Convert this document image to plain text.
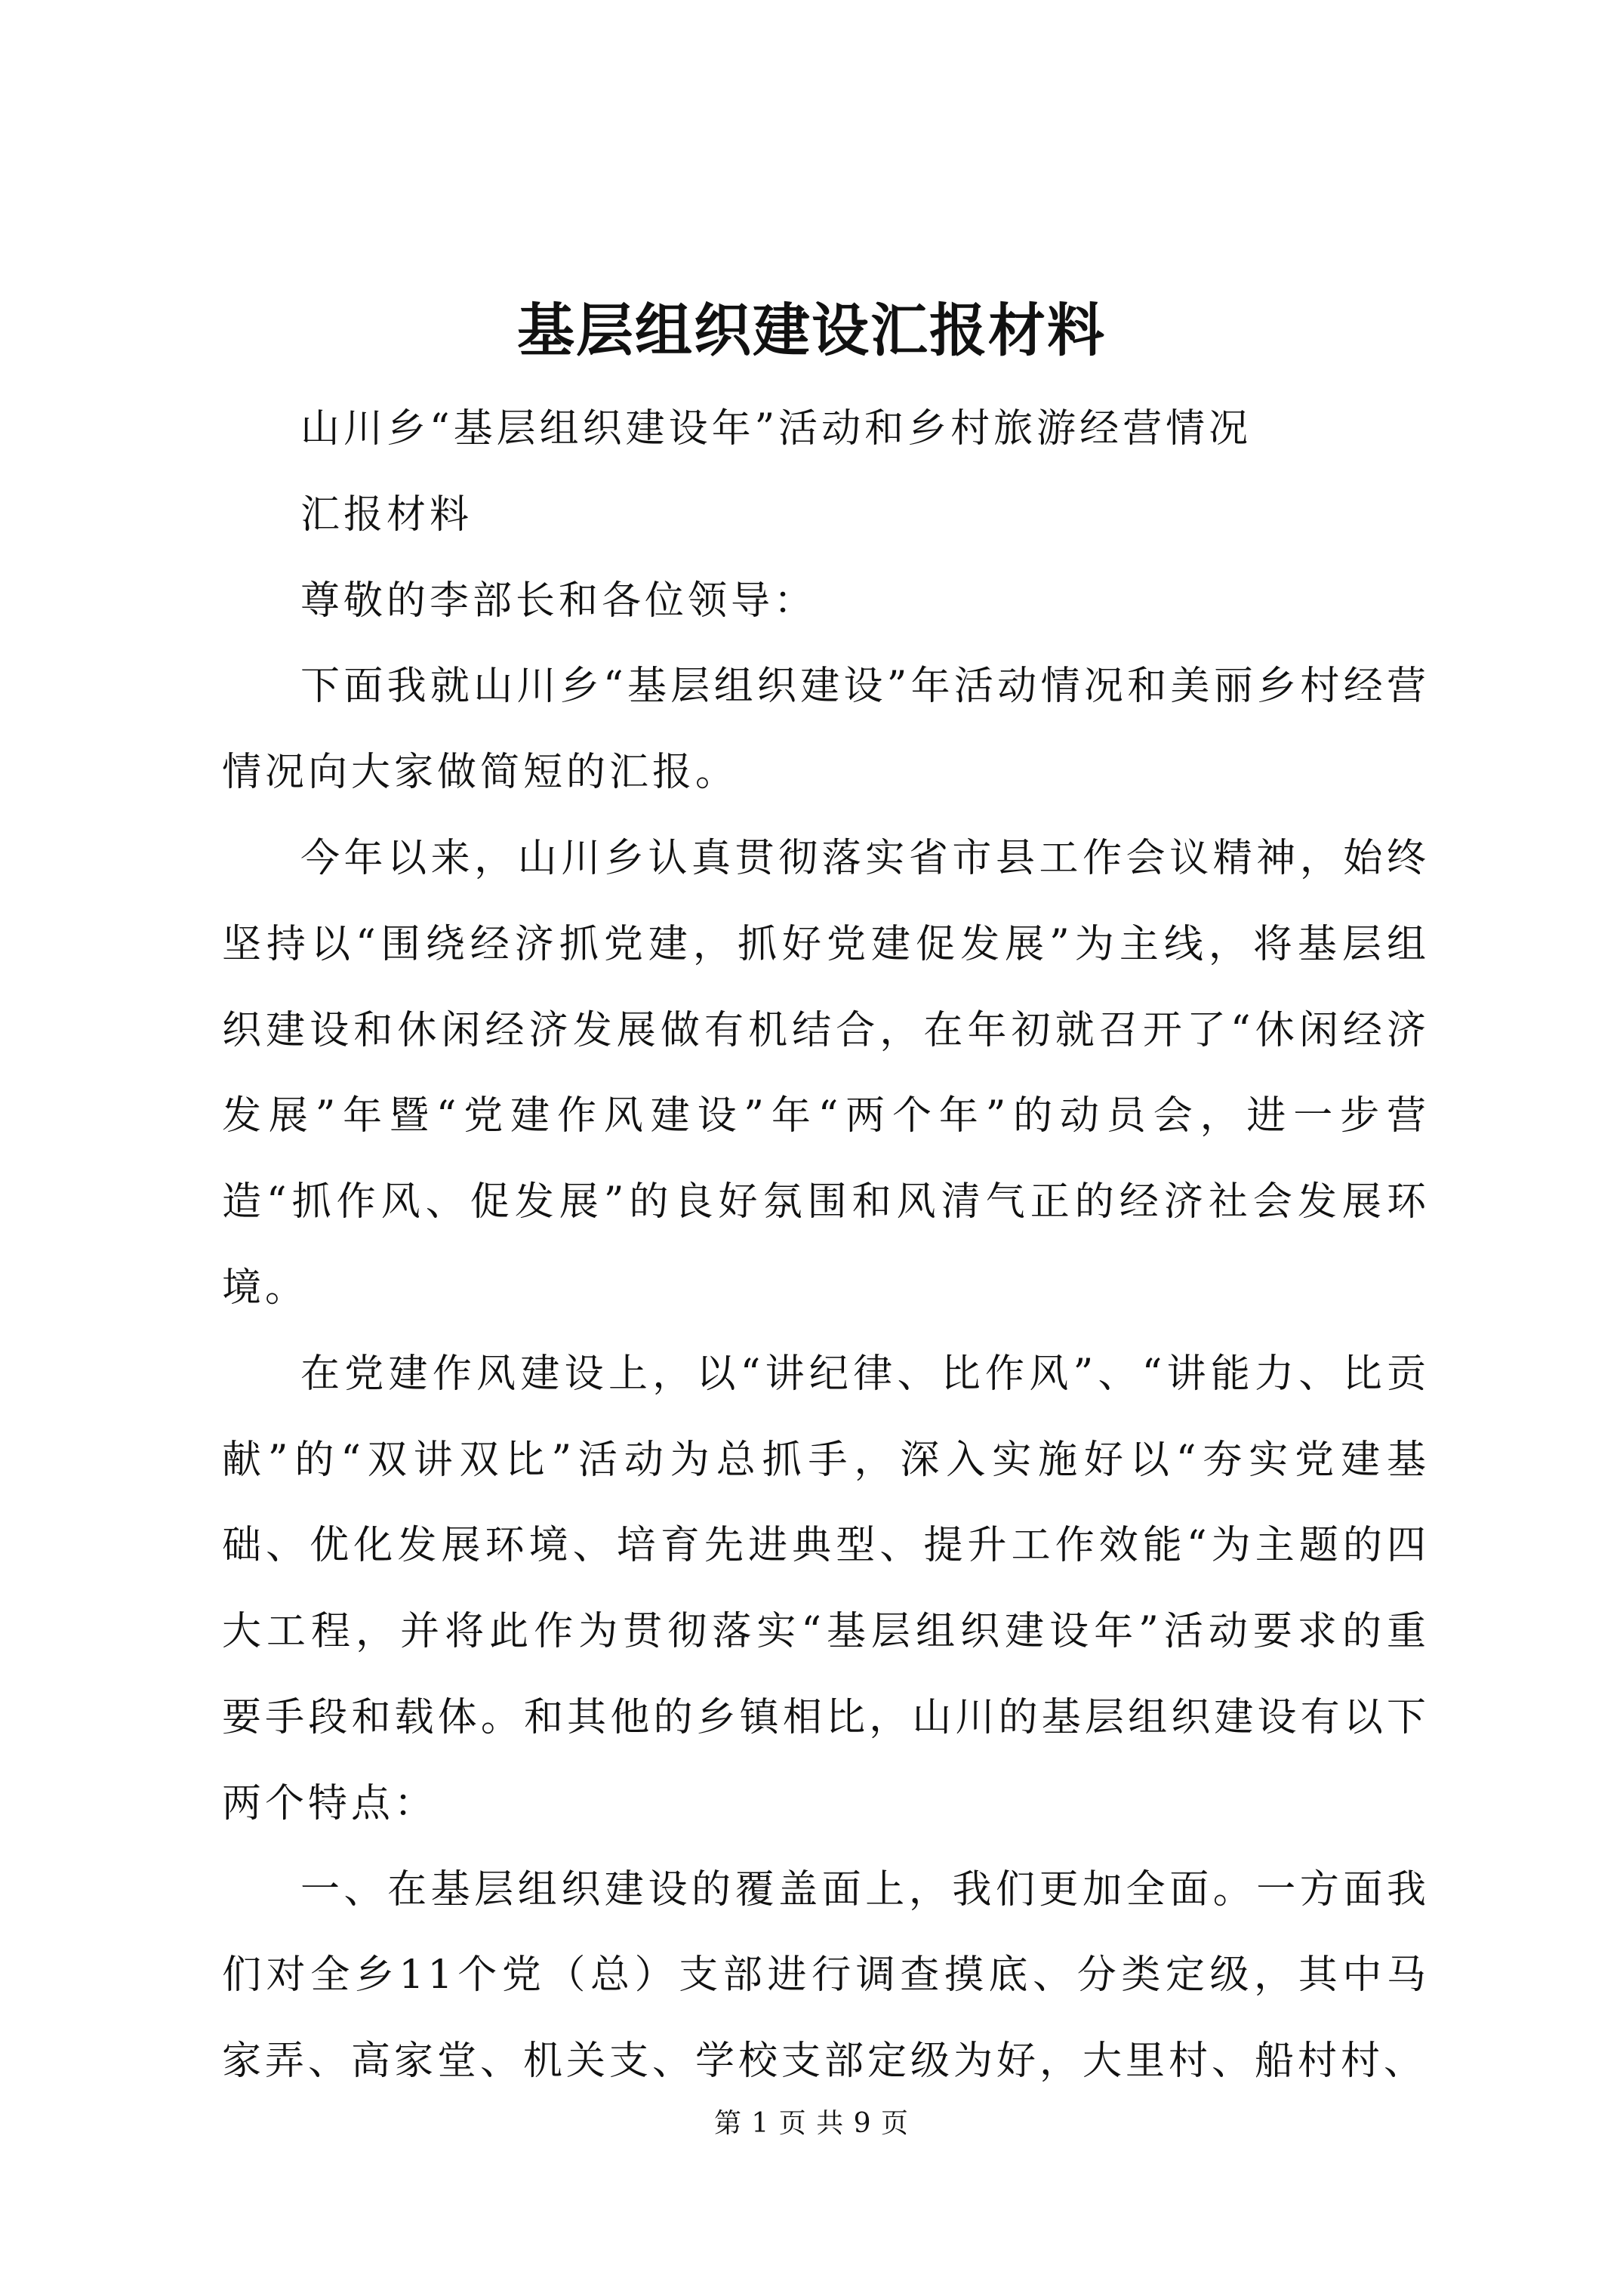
基层组织建设汇报材料

山川乡“基层组织建设年”活动和乡村旅游经营情况

汇报材料

尊敬的李部长和各位领导：

下面我就山川乡“基层组织建设”年活动情况和美丽乡村经营情况向大家做简短的汇报。

今年以来，山川乡认真贯彻落实省市县工作会议精神，始终坚持以“围绕经济抓党建，抓好党建促发展”为主线，将基层组织建设和休闲经济发展做有机结合，在年初就召开了“休闲经济发展”年暨“党建作风建设”年“两个年”的动员会，进一步营造“抓作风、促发展”的良好氛围和风清气正的经济社会发展环境。

在党建作风建设上，以“讲纪律、比作风”、“讲能力、比贡献”的“双讲双比”活动为总抓手，深入实施好以“夯实党建基础、优化发展环境、培育先进典型、提升工作效能“为主题的四大工程，并将此作为贯彻落实“基层组织建设年”活动要求的重要手段和载体。和其他的乡镇相比，山川的基层组织建设有以下两个特点：

一、在基层组织建设的覆盖面上，我们更加全面。一方面我们对全乡11个党（总）支部进行调查摸底、分类定级，其中马家弄、高家堂、机关支、学校支部定级为好，大里村、船村村、

第 1 页 共 9 页
